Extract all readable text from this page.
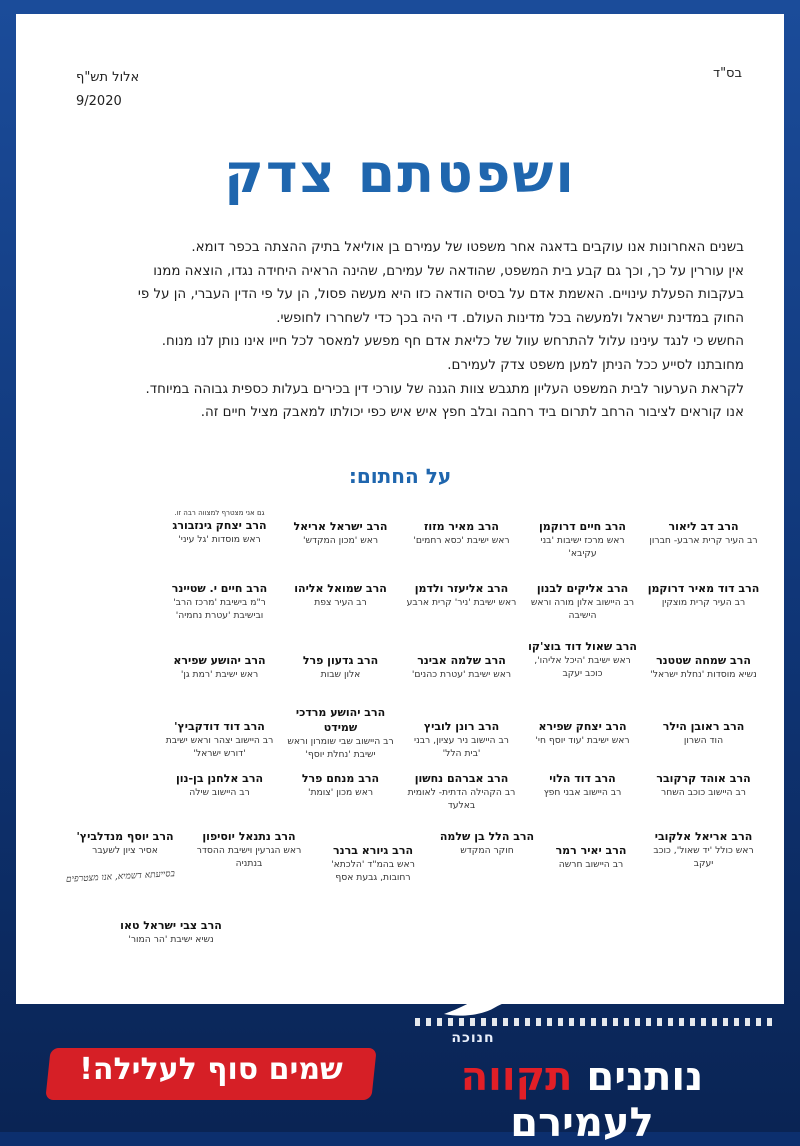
בס"ד
אלול תש"ף
9/2020
ושפטתם צדק

בשנים האחרונות אנו עוקבים בדאגה אחר משפטו של עמירם בן אוליאל בתיק ההצתה בכפר דומא.

אין עוררין על כך, וכך גם קבע בית המשפט, שהודאה של עמירם, שהינה הראיה היחידה נגדו, הוצאה ממנו

בעקבות הפעלת עינויים. האשמת אדם על בסיס הודאה כזו היא מעשה פסול, הן על פי הדין העברי, הן על פי

החוק במדינת ישראל ולמעשה בכל מדינות העולם. די היה בכך כדי לשחררו לחופשי.

החשש כי לנגד עינינו עלול להתרחש עוול של כליאת אדם חף מפשע למאסר לכל חייו אינו נותן לנו מנוח.

מחובתנו לסייע ככל הניתן למען משפט צדק לעמירם.

לקראת הערעור לבית המשפט העליון מתגבש צוות הגנה של עורכי דין בכירים בעלות כספית גבוהה במיוחד.

אנו קוראים לציבור הרחב לתרום ביד רחבה ובלב חפץ איש איש כפי יכולתו למאבק מציל חיים זה.

על החתום:
הרב דב ליאור
רב העיר קרית ארבע- חברון
הרב חיים דרוקמן
ראש מרכז ישיבות 'בני עקיבא'
הרב מאיר מזוז
ראש ישיבת 'כסא רחמים'
הרב ישראל אריאל
ראש 'מכון המקדש'
גם אני מצטרף למצווה רבה זו.
הרב יצחק גינזבורג
ראש מוסדות 'גל עיני'
הרב דוד מאיר דרוקמן
רב העיר קרית מוצקין
הרב אליקים לבנון
רב היישוב אלון מורה וראש הישיבה
הרב אליעזר ולדמן
ראש ישיבת 'ניר' קרית ארבע
הרב שמואל אליהו
רב העיר צפת
הרב חיים י. שטיינר
ר"מ בישיבת 'מרכז הרב' ובישיבת 'עטרת נחמיה'
הרב שמחה שטטנר
נשיא מוסדות 'נחלת ישראל'
הרב שאול דוד בוצ'קו
ראש ישיבת 'היכל אליהו', כוכב יעקב
הרב שלמה אבינר
ראש ישיבת 'עטרת כהנים'
הרב גדעון פרל
אלון שבות
הרב יהושע שפירא
ראש ישיבת 'רמת גן'
הרב ראובן הילר
הוד השרון
הרב יצחק שפירא
ראש ישיבת 'עוד יוסף חי'
הרב רונן לוביץ
רב היישוב ניר עציון, רבני 'בית הלל'
הרב יהושע מרדכי שמידט
רב היישוב שבי שומרון וראש ישיבת 'נחלת יוסף'
הרב דוד דודקביץ'
רב היישוב יצהר וראש ישיבת 'דורש ישראל'
הרב אוהד קרקובר
רב היישוב כוכב השחר
הרב דוד הלוי
רב היישוב אבני חפץ
הרב אברהם נחשון
רב הקהילה הדתית- לאומית באלעד
הרב מנחם פרל
ראש מכון 'צומת'
הרב אלחנן בן-נון
רב היישוב שילה
הרב אריאל אלקובי
ראש כולל 'יד שאול', כוכב יעקב
הרב יאיר רמר
רב היישוב חרשה
הרב הלל בן שלמה
חוקר המקדש
הרב גיורא ברנר
ראש בהמ"ד 'הלכתא' רחובות, גבעת אסף
הרב נתנאל יוסיפון
ראש הגרעין וישיבת ההסדר בנתניה
הרב יוסף מנדלביץ'
אסיר ציון לשעבר
בסייעתא דשמיא, אנו מצטרפים
הרב צבי ישראל טאו
נשיא ישיבת 'הר המור'
חנוכה
נותנים תקווה לעמירם
שמים סוף לעלילה!
